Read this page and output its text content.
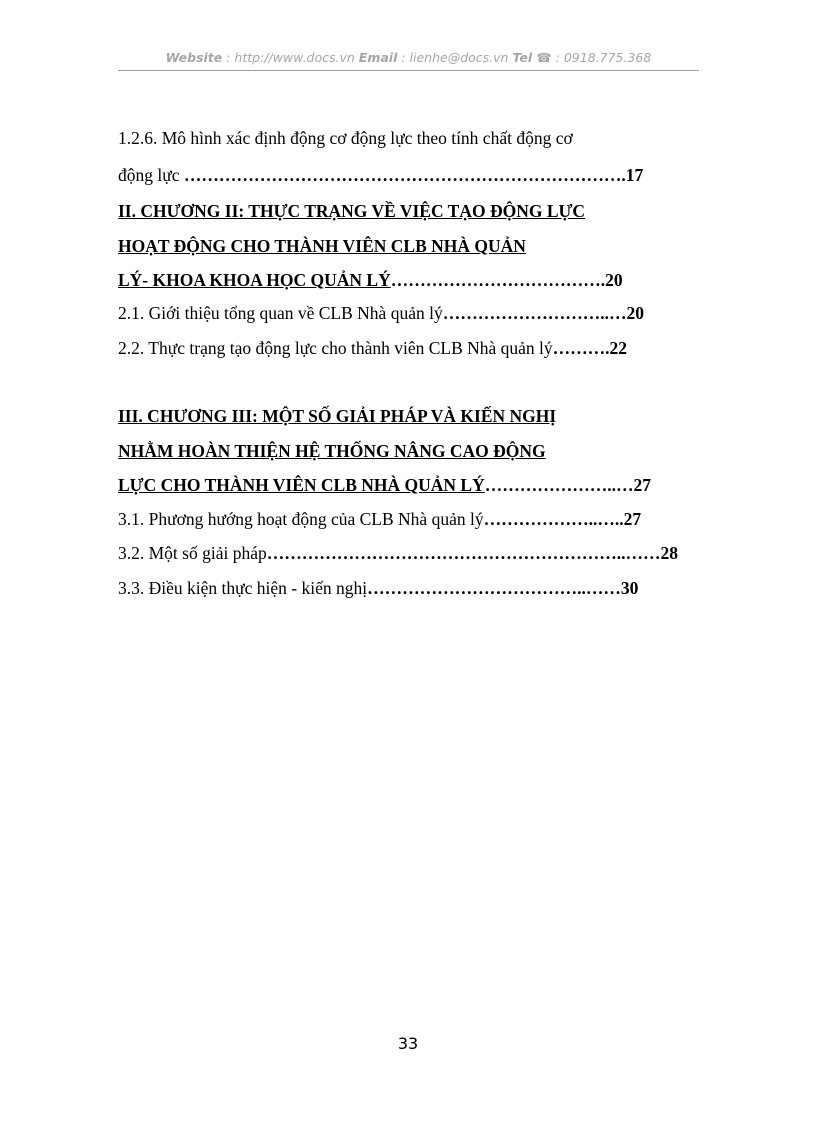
Website : http://www.docs.vn Email : lienhe@docs.vn Tel ☎ : 0918.775.368
1.2.6. Mô hình xác định động cơ động lực theo tính chất động cơ
động lực ………………………………………………………………….17
II. CHƯƠNG II: THỰC TRẠNG VỀ VIỆC TẠO ĐỘNG LỰC
HOẠT ĐỘNG CHO THÀNH VIÊN CLB NHÀ QUẢN
LÝ- KHOA KHOA HỌC QUẢN LÝ……………………………….20
2.1. Giới thiệu tổng quan về CLB Nhà quản lý………………………..…20
2.2. Thực trạng tạo động lực cho thành viên CLB Nhà quản lý……….22
III. CHƯƠNG III: MỘT SỐ GIẢI PHÁP VÀ KIẾN NGHỊ
NHẰM HOÀN THIỆN HỆ THỐNG NÂNG CAO ĐỘNG
LỰC CHO THÀNH VIÊN CLB NHÀ QUẢN LÝ…………………..…27
3.1. Phương hướng hoạt động của CLB Nhà quản lý………………..…..27
3.2. Một số giải pháp……………………………………………………..……28
3.3. Điều kiện thực hiện - kiến nghị………………………………..……30
33
